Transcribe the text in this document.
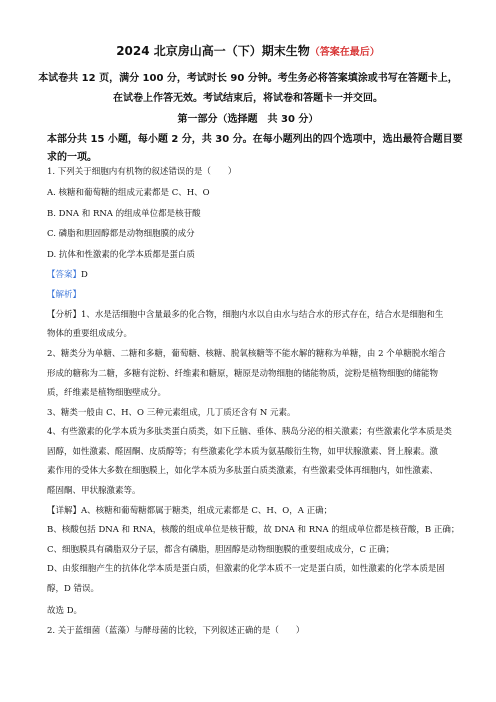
2024 北京房山高一（下）期末生物（答案在最后）
本试卷共 12 页，满分 100 分，考试时长 90 分钟。考生务必将答案填涂或书写在答题卡上，
在试卷上作答无效。考试结束后，将试卷和答题卡一并交回。
第一部分（选择题　共 30 分）
本部分共 15 小题，每小题 2 分，共 30 分。在每小题列出的四个选项中，选出最符合题目要
求的一项。
1. 下列关于细胞内有机物的叙述错误的是（　　）
A. 核糖和葡萄糖的组成元素都是 C、H、O
B. DNA 和 RNA 的组成单位都是核苷酸
C. 磷脂和胆固醇都是动物细胞膜的成分
D. 抗体和性激素的化学本质都是蛋白质
【答案】D
【解析】
【分析】1、水是活细胞中含量最多的化合物，细胞内水以自由水与结合水的形式存在，结合水是细胞和生
物体的重要组成成分。
2、糖类分为单糖、二糖和多糖，葡萄糖、核糖、脱氧核糖等不能水解的糖称为单糖，由 2 个单糖脱水缩合
形成的糖称为二糖，多糖有淀粉、纤维素和糖原，糖原是动物细胞的储能物质，淀粉是植物细胞的储能物
质，纤维素是植物细胞壁成分。
3、糖类一般由 C、H、O 三种元素组成，几丁质还含有 N 元素。
4、有些激素的化学本质为多肽类蛋白质类，如下丘脑、垂体、胰岛分泌的相关激素；有些激素化学本质是类
固醇，如性激素、醛固酮、皮质醇等；有些激素化学本质为氨基酸衍生物，如甲状腺激素、肾上腺素。激
素作用的受体大多数在细胞膜上，如化学本质为多肽蛋白质类激素，有些激素受体再细胞内，如性激素、
醛固酮、甲状腺激素等。
【详解】A、核糖和葡萄糖都属于糖类，组成元素都是 C、H、O，A 正确；
B、核酸包括 DNA 和 RNA，核酸的组成单位是核苷酸，故 DNA 和 RNA 的组成单位都是核苷酸，B 正确；
C、细胞膜具有磷脂双分子层，都含有磷脂，胆固醇是动物细胞膜的重要组成成分，C 正确；
D、由浆细胞产生的抗体化学本质是蛋白质，但激素的化学本质不一定是蛋白质，如性激素的化学本质是固
醇，D 错误。
故选 D。
2. 关于蓝细菌（蓝藻）与酵母菌的比较，下列叙述正确的是（　　）
